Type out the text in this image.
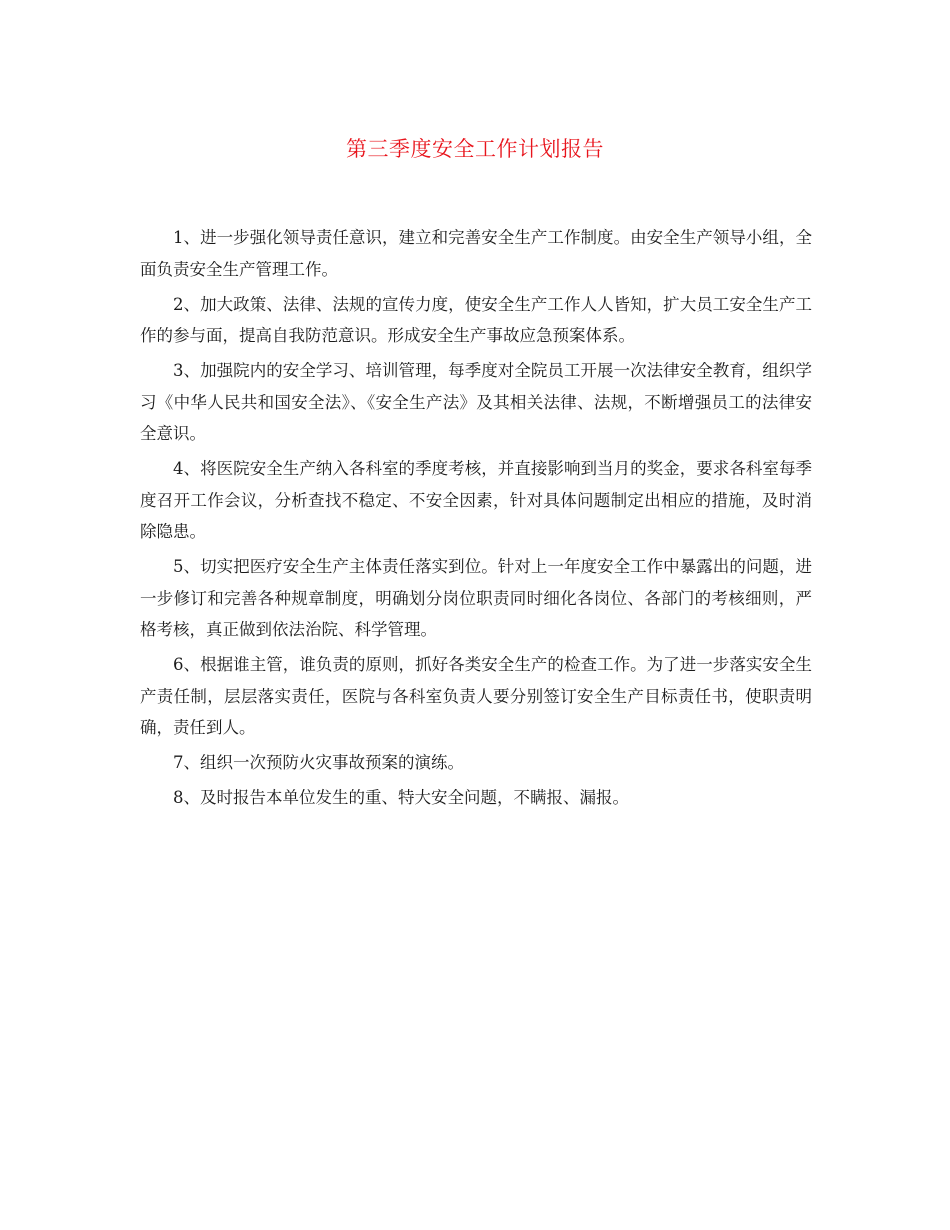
第三季度安全工作计划报告

1、进一步强化领导责任意识，建立和完善安全生产工作制度。由安全生产领导小组，全面负责安全生产管理工作。

2、加大政策、法律、法规的宣传力度，使安全生产工作人人皆知，扩大员工安全生产工作的参与面，提高自我防范意识。形成安全生产事故应急预案体系。

3、加强院内的安全学习、培训管理，每季度对全院员工开展一次法律安全教育，组织学习《中华人民共和国安全法》、《安全生产法》及其相关法律、法规，不断增强员工的法律安全意识。

4、将医院安全生产纳入各科室的季度考核，并直接影响到当月的奖金，要求各科室每季度召开工作会议，分析查找不稳定、不安全因素，针对具体问题制定出相应的措施，及时消除隐患。

5、切实把医疗安全生产主体责任落实到位。针对上一年度安全工作中暴露出的问题，进一步修订和完善各种规章制度，明确划分岗位职责同时细化各岗位、各部门的考核细则，严格考核，真正做到依法治院、科学管理。

6、根据谁主管，谁负责的原则，抓好各类安全生产的检查工作。为了进一步落实安全生产责任制，层层落实责任，医院与各科室负责人要分别签订安全生产目标责任书，使职责明确，责任到人。

7、组织一次预防火灾事故预案的演练。

8、及时报告本单位发生的重、特大安全问题，不瞒报、漏报。
